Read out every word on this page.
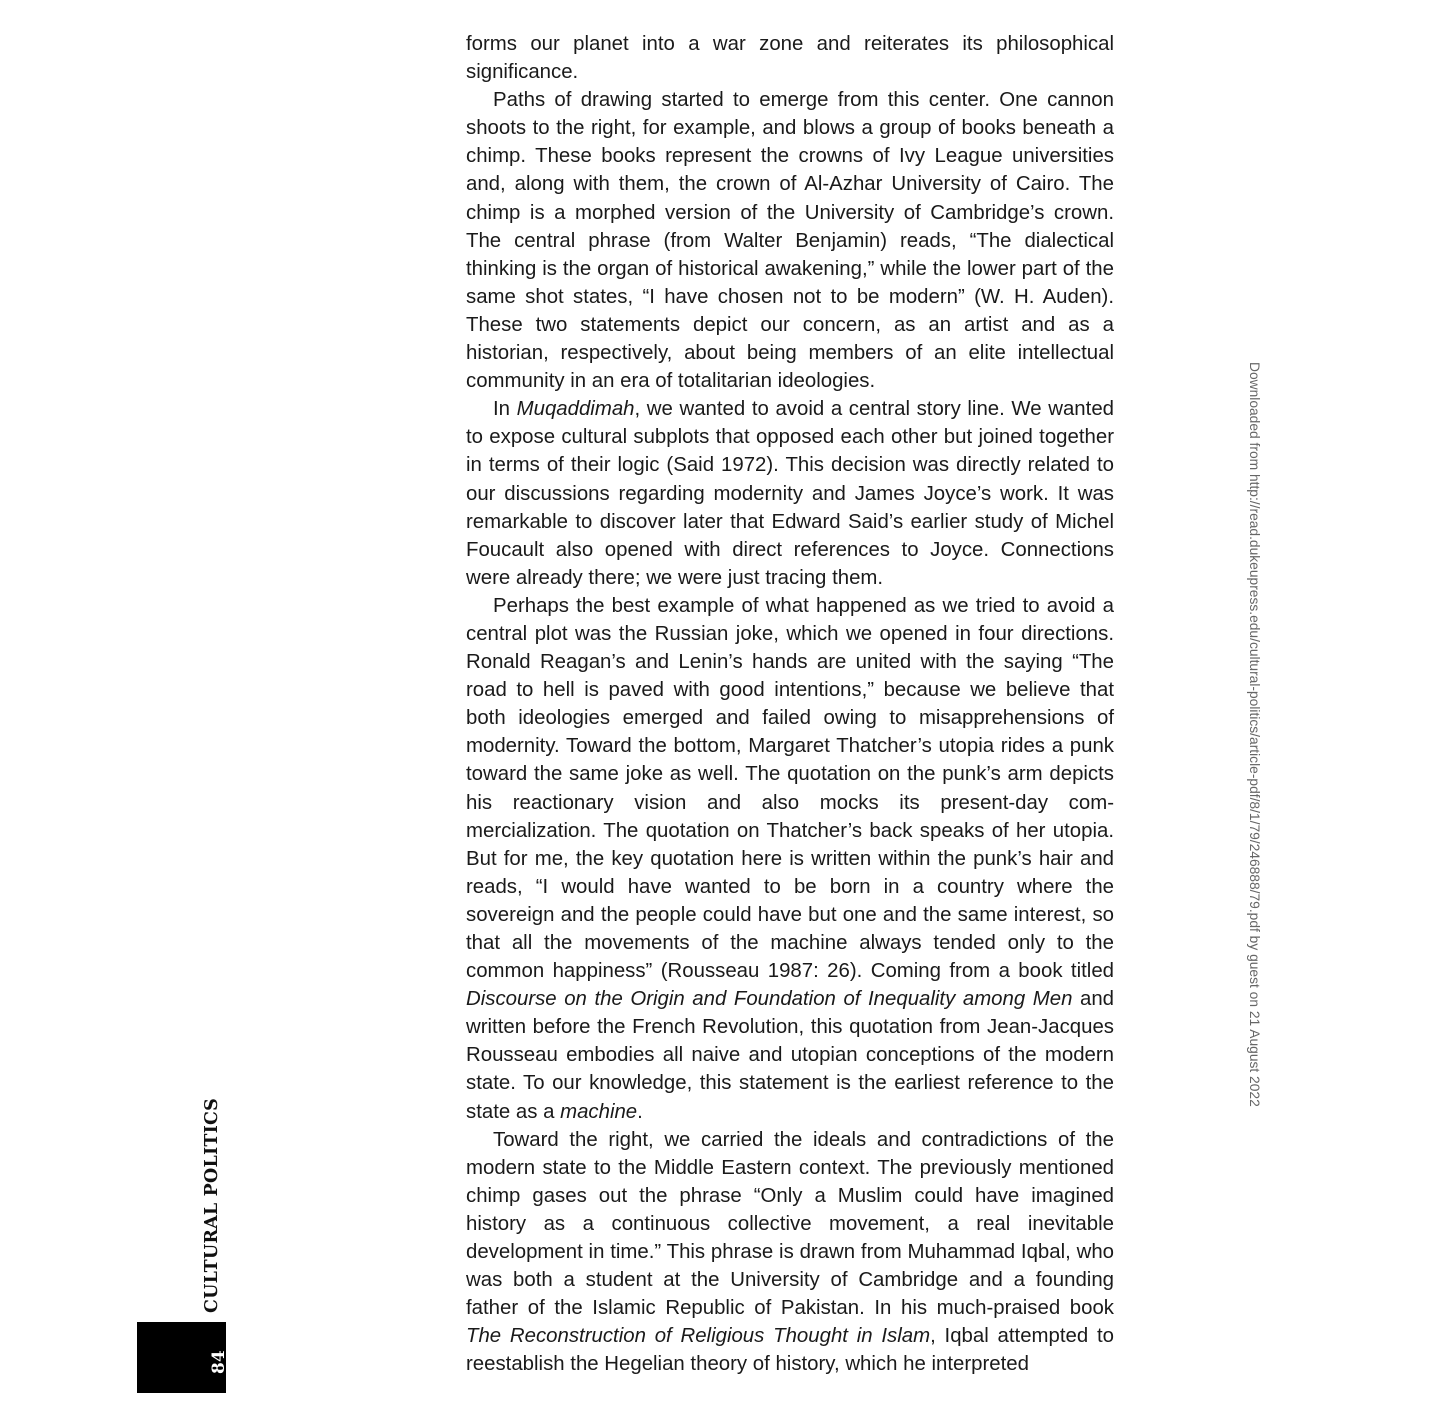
forms our planet into a war zone and reiterates its philosophical significance.

Paths of drawing started to emerge from this center. One cannon shoots to the right, for example, and blows a group of books beneath a chimp. These books represent the crowns of Ivy League universities and, along with them, the crown of Al-Azhar University of Cairo. The chimp is a morphed version of the University of Cambridge’s crown. The central phrase (from Walter Benjamin) reads, “The dialectical thinking is the organ of historical awakening,” while the lower part of the same shot states, “I have chosen not to be modern” (W. H. Auden). These two statements depict our concern, as an artist and as a historian, respectively, about being members of an elite intellectual community in an era of totalitarian ideologies.

In Muqaddimah, we wanted to avoid a central story line. We wanted to expose cultural subplots that opposed each other but joined together in terms of their logic (Said 1972). This decision was directly related to our discussions regarding modernity and James Joyce’s work. It was remarkable to discover later that Edward Said’s earlier study of Michel Foucault also opened with direct references to Joyce. Connections were already there; we were just tracing them.

Perhaps the best example of what happened as we tried to avoid a central plot was the Russian joke, which we opened in four directions. Ronald Reagan’s and Lenin’s hands are united with the saying “The road to hell is paved with good intentions,” because we believe that both ideologies emerged and failed owing to misapprehensions of modernity. Toward the bottom, Margaret Thatcher’s utopia rides a punk toward the same joke as well. The quotation on the punk’s arm depicts his reactionary vision and also mocks its present-day commercialization. The quotation on Thatcher’s back speaks of her utopia. But for me, the key quotation here is written within the punk’s hair and reads, “I would have wanted to be born in a country where the sovereign and the people could have but one and the same interest, so that all the movements of the machine always tended only to the common happiness” (Rousseau 1987: 26). Coming from a book titled Discourse on the Origin and Foundation of Inequality among Men and written before the French Revolution, this quotation from Jean-Jacques Rousseau embodies all naive and utopian conceptions of the modern state. To our knowledge, this statement is the earliest reference to the state as a machine.

Toward the right, we carried the ideals and contradictions of the modern state to the Middle Eastern context. The previously mentioned chimp gases out the phrase “Only a Muslim could have imagined history as a continuous collective movement, a real inevitable development in time.” This phrase is drawn from Muhammad Iqbal, who was both a student at the University of Cambridge and a founding father of the Islamic Republic of Pakistan. In his much-praised book The Reconstruction of Religious Thought in Islam, Iqbal attempted to reestablish the Hegelian theory of history, which he interpreted

84
CULTURAL POLITICS
Downloaded from http://read.dukeupress.edu/cultural-politics/article-pdf/8/1/79/246888/79.pdf by guest on 21 August 2022
